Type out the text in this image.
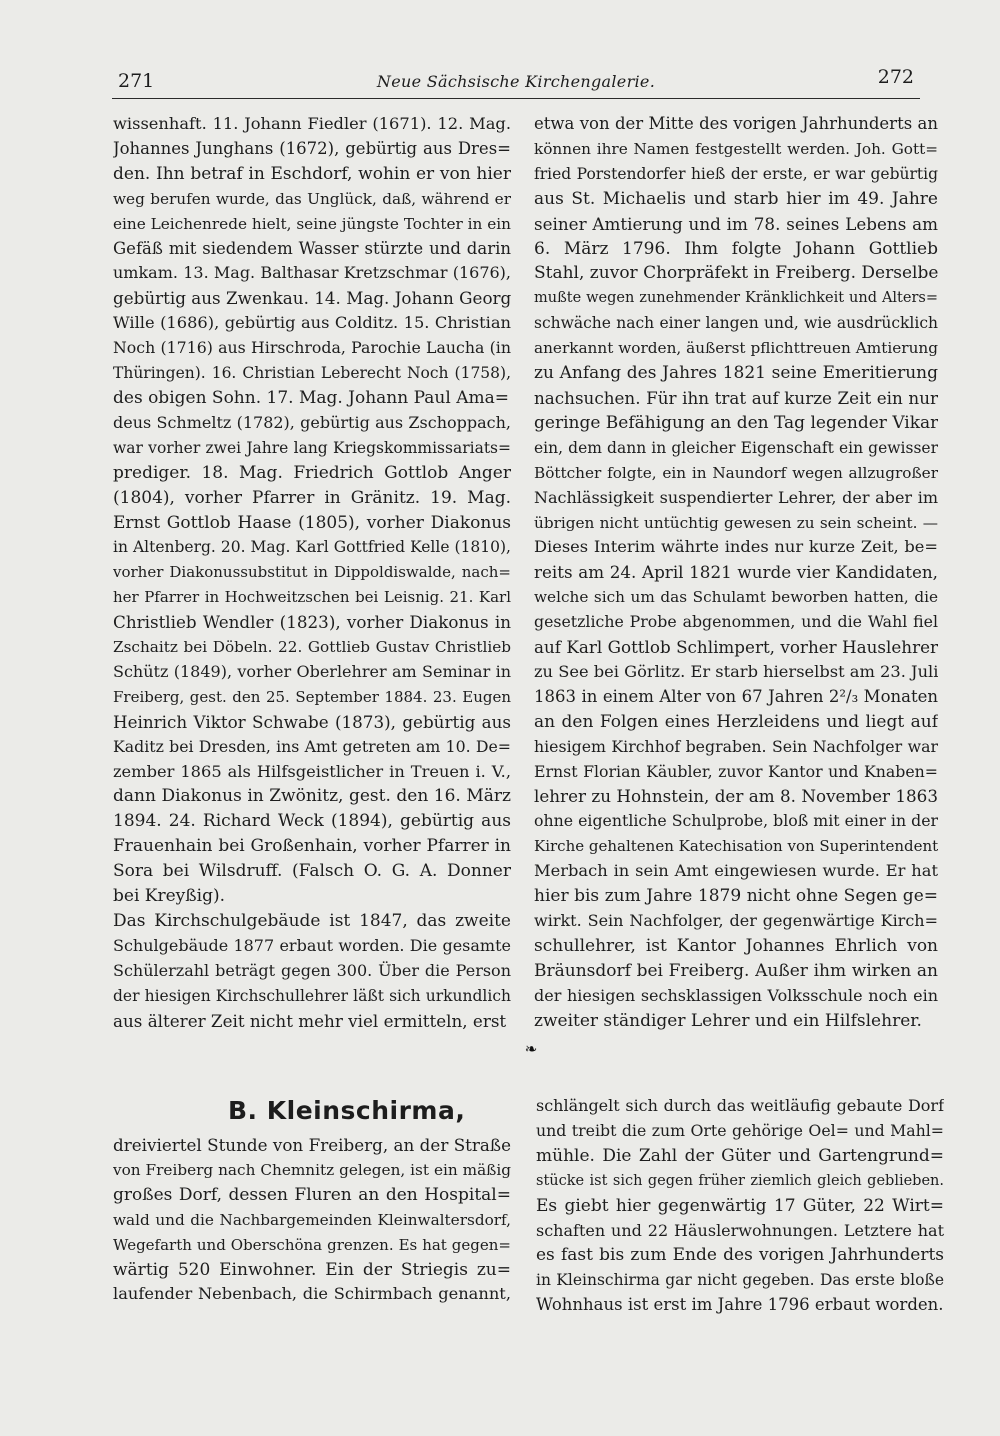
271	Neue Sächsische Kirchengalerie.	272
wissenhaft. 11. Johann Fiedler (1671). 12. Mag.
Johannes Junghans (1672), gebürtig aus Dres=
den. Ihn betraf in Eschdorf, wohin er von hier
weg berufen wurde, das Unglück, daß, während er
eine Leichenrede hielt, seine jüngste Tochter in ein
Gefäß mit siedendem Wasser stürzte und darin
umkam. 13. Mag. Balthasar Kretzschmar (1676),
gebürtig aus Zwenkau. 14. Mag. Johann Georg
Wille (1686), gebürtig aus Colditz. 15. Christian
Noch (1716) aus Hirschroda, Parochie Laucha (in
Thüringen). 16. Christian Leberecht Noch (1758),
des obigen Sohn. 17. Mag. Johann Paul Ama=
deus Schmeltz (1782), gebürtig aus Zschoppach,
war vorher zwei Jahre lang Kriegskommissariats=
prediger. 18. Mag. Friedrich Gottlob Anger
(1804), vorher Pfarrer in Gränitz. 19. Mag.
Ernst Gottlob Haase (1805), vorher Diakonus
in Altenberg. 20. Mag. Karl Gottfried Kelle (1810),
vorher Diakonussubstitut in Dippoldiswalde, nach=
her Pfarrer in Hochweitzschen bei Leisnig. 21. Karl
Christlieb Wendler (1823), vorher Diakonus in
Zschaitz bei Döbeln. 22. Gottlieb Gustav Christlieb
Schütz (1849), vorher Oberlehrer am Seminar in
Freiberg, gest. den 25. September 1884. 23. Eugen
Heinrich Viktor Schwabe (1873), gebürtig aus
Kaditz bei Dresden, ins Amt getreten am 10. De=
zember 1865 als Hilfsgeistlicher in Treuen i. V.,
dann Diakonus in Zwönitz, gest. den 16. März
1894. 24. Richard Weck (1894), gebürtig aus
Frauenhain bei Großenhain, vorher Pfarrer in
Sora bei Wilsdruff. (Falsch O. G. A. Donner
bei Kreyßig).
Das Kirchschulgebäude ist 1847, das zweite
Schulgebäude 1877 erbaut worden. Die gesamte
Schülerzahl beträgt gegen 300. Über die Person
der hiesigen Kirchschullehrer läßt sich urkundlich
aus älterer Zeit nicht mehr viel ermitteln, erst
etwa von der Mitte des vorigen Jahrhunderts an
können ihre Namen festgestellt werden. Joh. Gott=
fried Porstendorfer hieß der erste, er war gebürtig
aus St. Michaelis und starb hier im 49. Jahre
seiner Amtierung und im 78. seines Lebens am
6. März 1796. Ihm folgte Johann Gottlieb
Stahl, zuvor Chorpräfekt in Freiberg. Derselbe
mußte wegen zunehmender Kränklichkeit und Alters=
schwäche nach einer langen und, wie ausdrücklich
anerkannt worden, äußerst pflichttreuen Amtierung
zu Anfang des Jahres 1821 seine Emeritierung
nachsuchen. Für ihn trat auf kurze Zeit ein nur
geringe Befähigung an den Tag legender Vikar
ein, dem dann in gleicher Eigenschaft ein gewisser
Böttcher folgte, ein in Naundorf wegen allzugroßer
Nachlässigkeit suspendierter Lehrer, der aber im
übrigen nicht untüchtig gewesen zu sein scheint. —
Dieses Interim währte indes nur kurze Zeit, be=
reits am 24. April 1821 wurde vier Kandidaten,
welche sich um das Schulamt beworben hatten, die
gesetzliche Probe abgenommen, und die Wahl fiel
auf Karl Gottlob Schlimpert, vorher Hauslehrer
zu See bei Görlitz. Er starb hierselbst am 23. Juli
1863 in einem Alter von 67 Jahren 2²/₃ Monaten
an den Folgen eines Herzleidens und liegt auf
hiesigem Kirchhof begraben. Sein Nachfolger war
Ernst Florian Käubler, zuvor Kantor und Knaben=
lehrer zu Hohnstein, der am 8. November 1863
ohne eigentliche Schulprobe, bloß mit einer in der
Kirche gehaltenen Katechisation von Superintendent
Merbach in sein Amt eingewiesen wurde. Er hat
hier bis zum Jahre 1879 nicht ohne Segen ge=
wirkt. Sein Nachfolger, der gegenwärtige Kirch=
schullehrer, ist Kantor Johannes Ehrlich von
Bräunsdorf bei Freiberg. Außer ihm wirken an
der hiesigen sechsklassigen Volksschule noch ein
zweiter ständiger Lehrer und ein Hilfslehrer.
❧
B. Kleinschirma,
dreiviertel Stunde von Freiberg, an der Straße
von Freiberg nach Chemnitz gelegen, ist ein mäßig
großes Dorf, dessen Fluren an den Hospital=
wald und die Nachbargemeinden Kleinwaltersdorf,
Wegefarth und Oberschöna grenzen. Es hat gegen=
wärtig 520 Einwohner. Ein der Striegis zu=
laufender Nebenbach, die Schirmbach genannt,
schlängelt sich durch das weitläufig gebaute Dorf
und treibt die zum Orte gehörige Oel= und Mahl=
mühle. Die Zahl der Güter und Gartengrund=
stücke ist sich gegen früher ziemlich gleich geblieben.
Es giebt hier gegenwärtig 17 Güter, 22 Wirt=
schaften und 22 Häuslerwohnungen. Letztere hat
es fast bis zum Ende des vorigen Jahrhunderts
in Kleinschirma gar nicht gegeben. Das erste bloße
Wohnhaus ist erst im Jahre 1796 erbaut worden.
